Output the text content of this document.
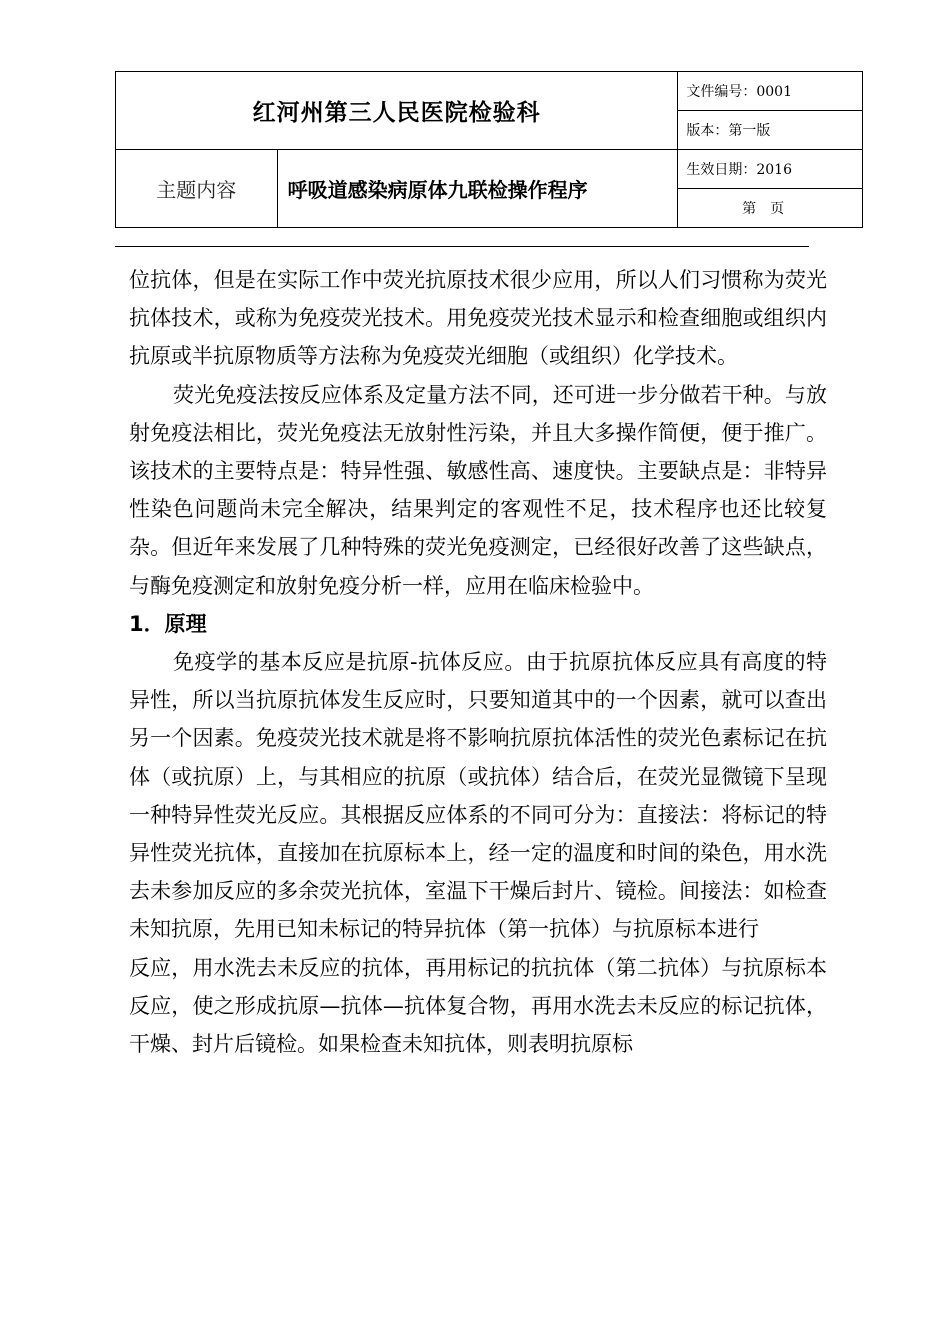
红河州第三人民医院检验科		文件编号：0001
		版本：第一版
主题内容	呼吸道感染病原体九联检操作程序	生效日期：2016
		第页

位抗体，但是在实际工作中荧光抗原技术很少应用，所以人们习惯称为荧光抗体技术，或称为免疫荧光技术。用免疫荧光技术显示和检查细胞或组织内抗原或半抗原物质等方法称为免疫荧光细胞（或组织）化学技术。

荧光免疫法按反应体系及定量方法不同，还可进一步分做若干种。与放射免疫法相比，荧光免疫法无放射性污染，并且大多操作简便，便于推广。该技术的主要特点是：特异性强、敏感性高、速度快。主要缺点是：非特异性染色问题尚未完全解决，结果判定的客观性不足，技术程序也还比较复杂。但近年来发展了几种特殊的荧光免疫测定，已经很好改善了这些缺点，与酶免疫测定和放射免疫分析一样，应用在临床检验中。

1．原理

免疫学的基本反应是抗原-抗体反应。由于抗原抗体反应具有高度的特异性，所以当抗原抗体发生反应时，只要知道其中的一个因素，就可以查出另一个因素。免疫荧光技术就是将不影响抗原抗体活性的荧光色素标记在抗体（或抗原）上，与其相应的抗原（或抗体）结合后，在荧光显微镜下呈现一种特异性荧光反应。其根据反应体系的不同可分为：直接法：将标记的特异性荧光抗体，直接加在抗原标本上，经一定的温度和时间的染色，用水洗去未参加反应的多余荧光抗体，室温下干燥后封片、镜检。间接法：如检查未知抗原，先用已知未标记的特异抗体（第一抗体）与抗原标本进行

反应，用水洗去未反应的抗体，再用标记的抗抗体（第二抗体）与抗原标本反应，使之形成抗原—抗体—抗体复合物，再用水洗去未反应的标记抗体，干燥、封片后镜检。如果检查未知抗体，则表明抗原标
